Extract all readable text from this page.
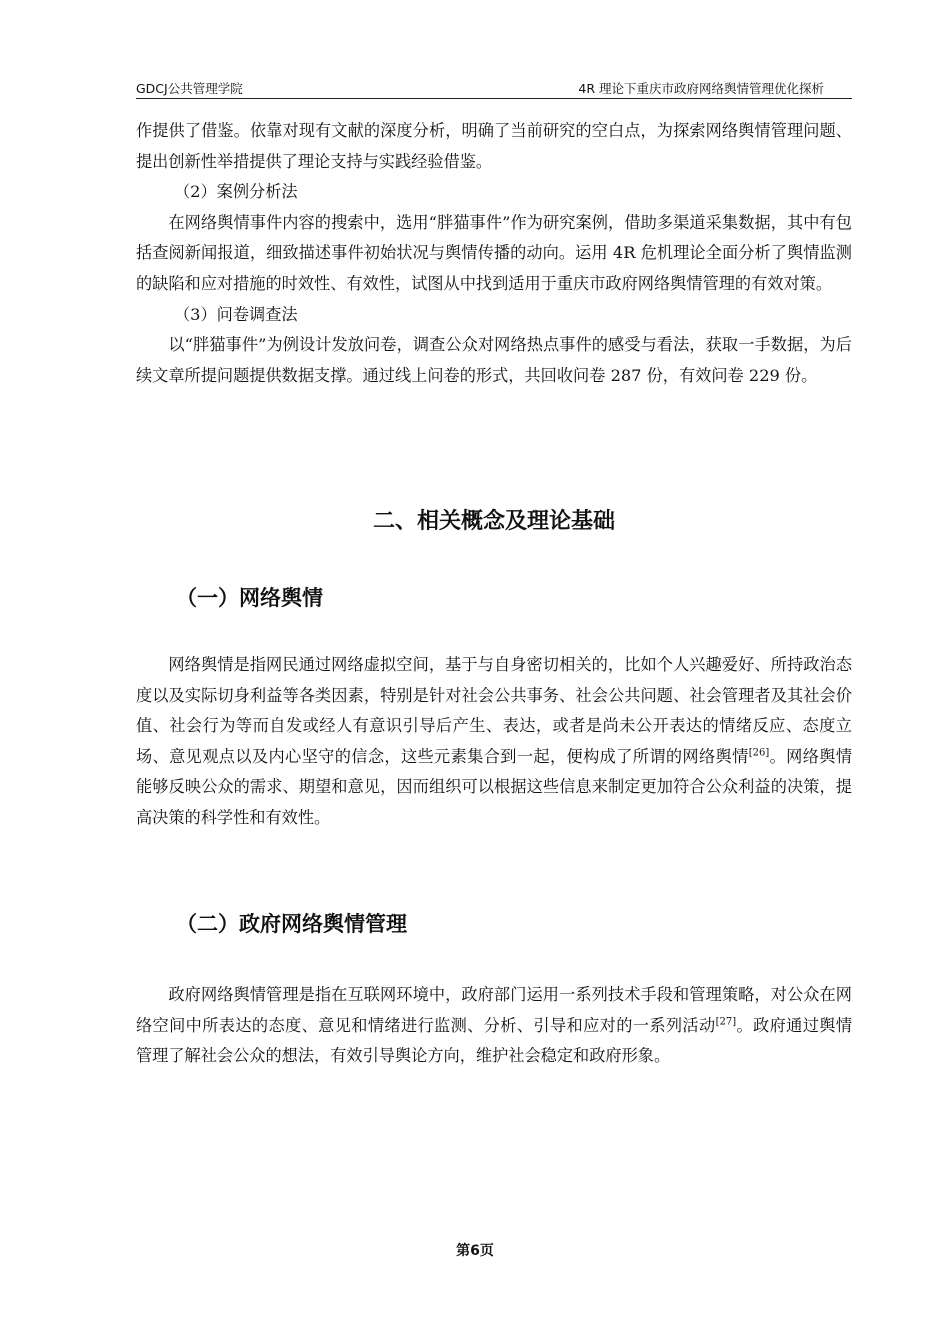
GDCJ公共管理学院	4R 理论下重庆市政府网络舆情管理优化探析

作提供了借鉴。依靠对现有文献的深度分析，明确了当前研究的空白点，为探索网络舆情管理问题、提出创新性举措提供了理论支持与实践经验借鉴。

（2）案例分析法

在网络舆情事件内容的搜索中，选用“胖猫事件”作为研究案例，借助多渠道采集数据，其中有包括查阅新闻报道，细致描述事件初始状况与舆情传播的动向。运用 4R 危机理论全面分析了舆情监测的缺陷和应对措施的时效性、有效性，试图从中找到适用于重庆市政府网络舆情管理的有效对策。

（3）问卷调查法

以“胖猫事件”为例设计发放问卷，调查公众对网络热点事件的感受与看法，获取一手数据，为后续文章所提问题提供数据支撑。通过线上问卷的形式，共回收问卷 287 份，有效问卷 229 份。

二、相关概念及理论基础
（一）网络舆情

网络舆情是指网民通过网络虚拟空间，基于与自身密切相关的，比如个人兴趣爱好、所持政治态度以及实际切身利益等各类因素，特别是针对社会公共事务、社会公共问题、社会管理者及其社会价值、社会行为等而自发或经人有意识引导后产生、表达，或者是尚未公开表达的情绪反应、态度立场、意见观点以及内心坚守的信念，这些元素集合到一起，便构成了所谓的网络舆情[26]。网络舆情能够反映公众的需求、期望和意见，因而组织可以根据这些信息来制定更加符合公众利益的决策，提高决策的科学性和有效性。

（二）政府网络舆情管理

政府网络舆情管理是指在互联网环境中，政府部门运用一系列技术手段和管理策略，对公众在网络空间中所表达的态度、意见和情绪进行监测、分析、引导和应对的一系列活动[27]。政府通过舆情管理了解社会公众的想法，有效引导舆论方向，维护社会稳定和政府形象。

第6页
